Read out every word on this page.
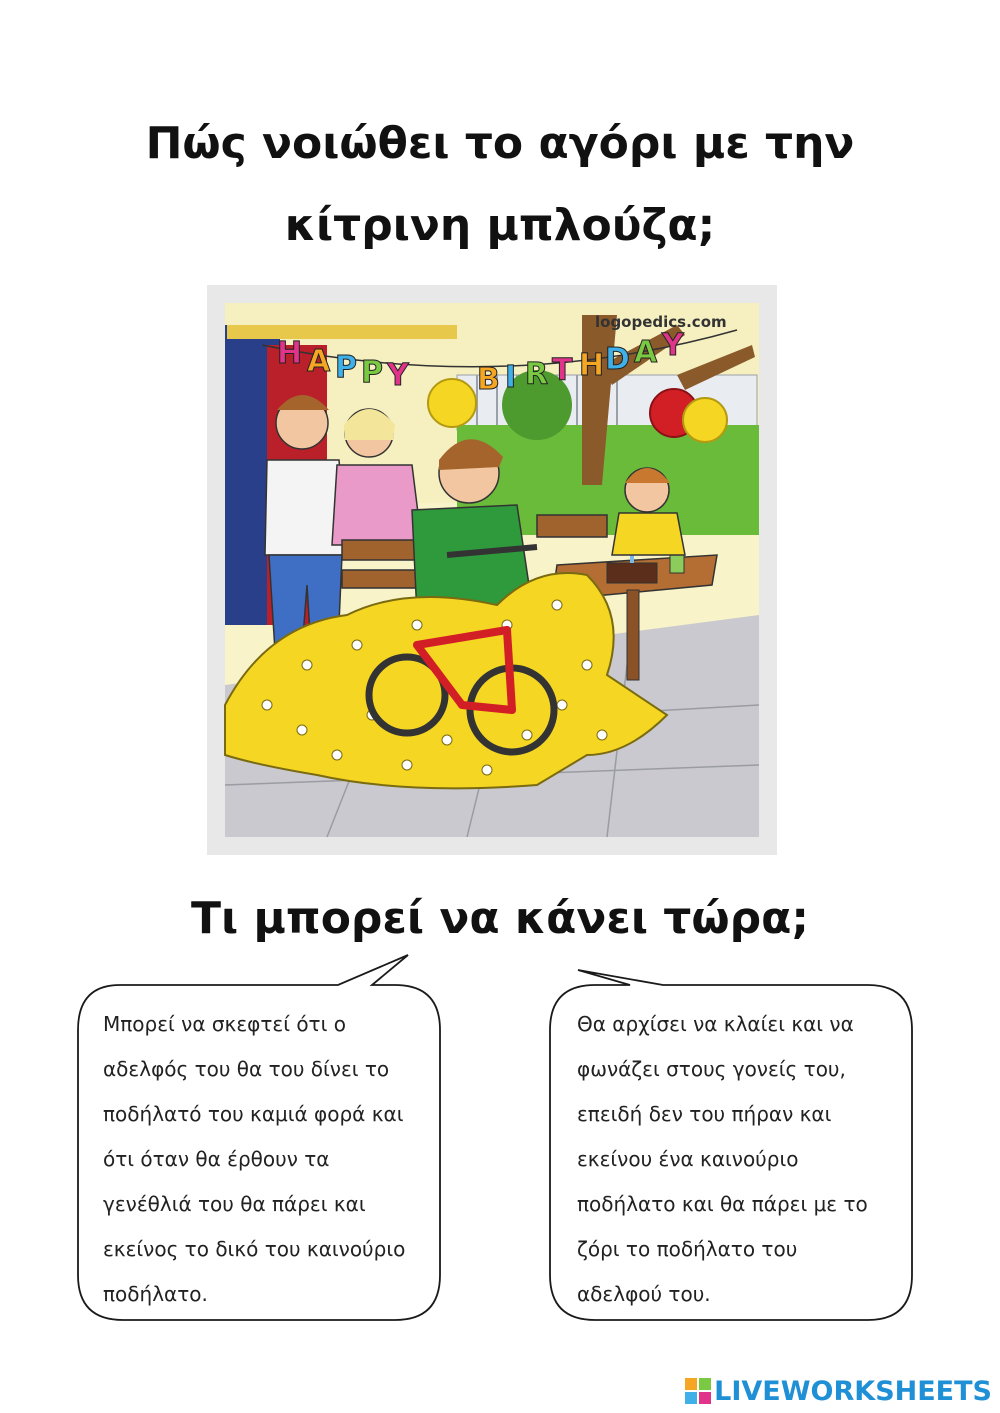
Πώς νοιώθει το αγόρι με την
κίτρινη μπλούζα;
H A P P Y B I R T H D A Y
logopedics.com
Τι μπορεί να κάνει τώρα;
Μπορεί να σκεφτεί ότι ο
αδελφός του θα του δίνει το
ποδήλατό του καμιά φορά και
ότι όταν θα έρθουν τα
γενέθλιά του θα πάρει και
εκείνος το δικό του καινούριο
ποδήλατο.
Θα αρχίσει να κλαίει και να
φωνάζει στους γονείς του,
επειδή δεν του πήραν και
εκείνου ένα καινούριο
ποδήλατο και θα πάρει με το
ζόρι το ποδήλατο του
αδελφού του.
LIVEWORKSHEETS
